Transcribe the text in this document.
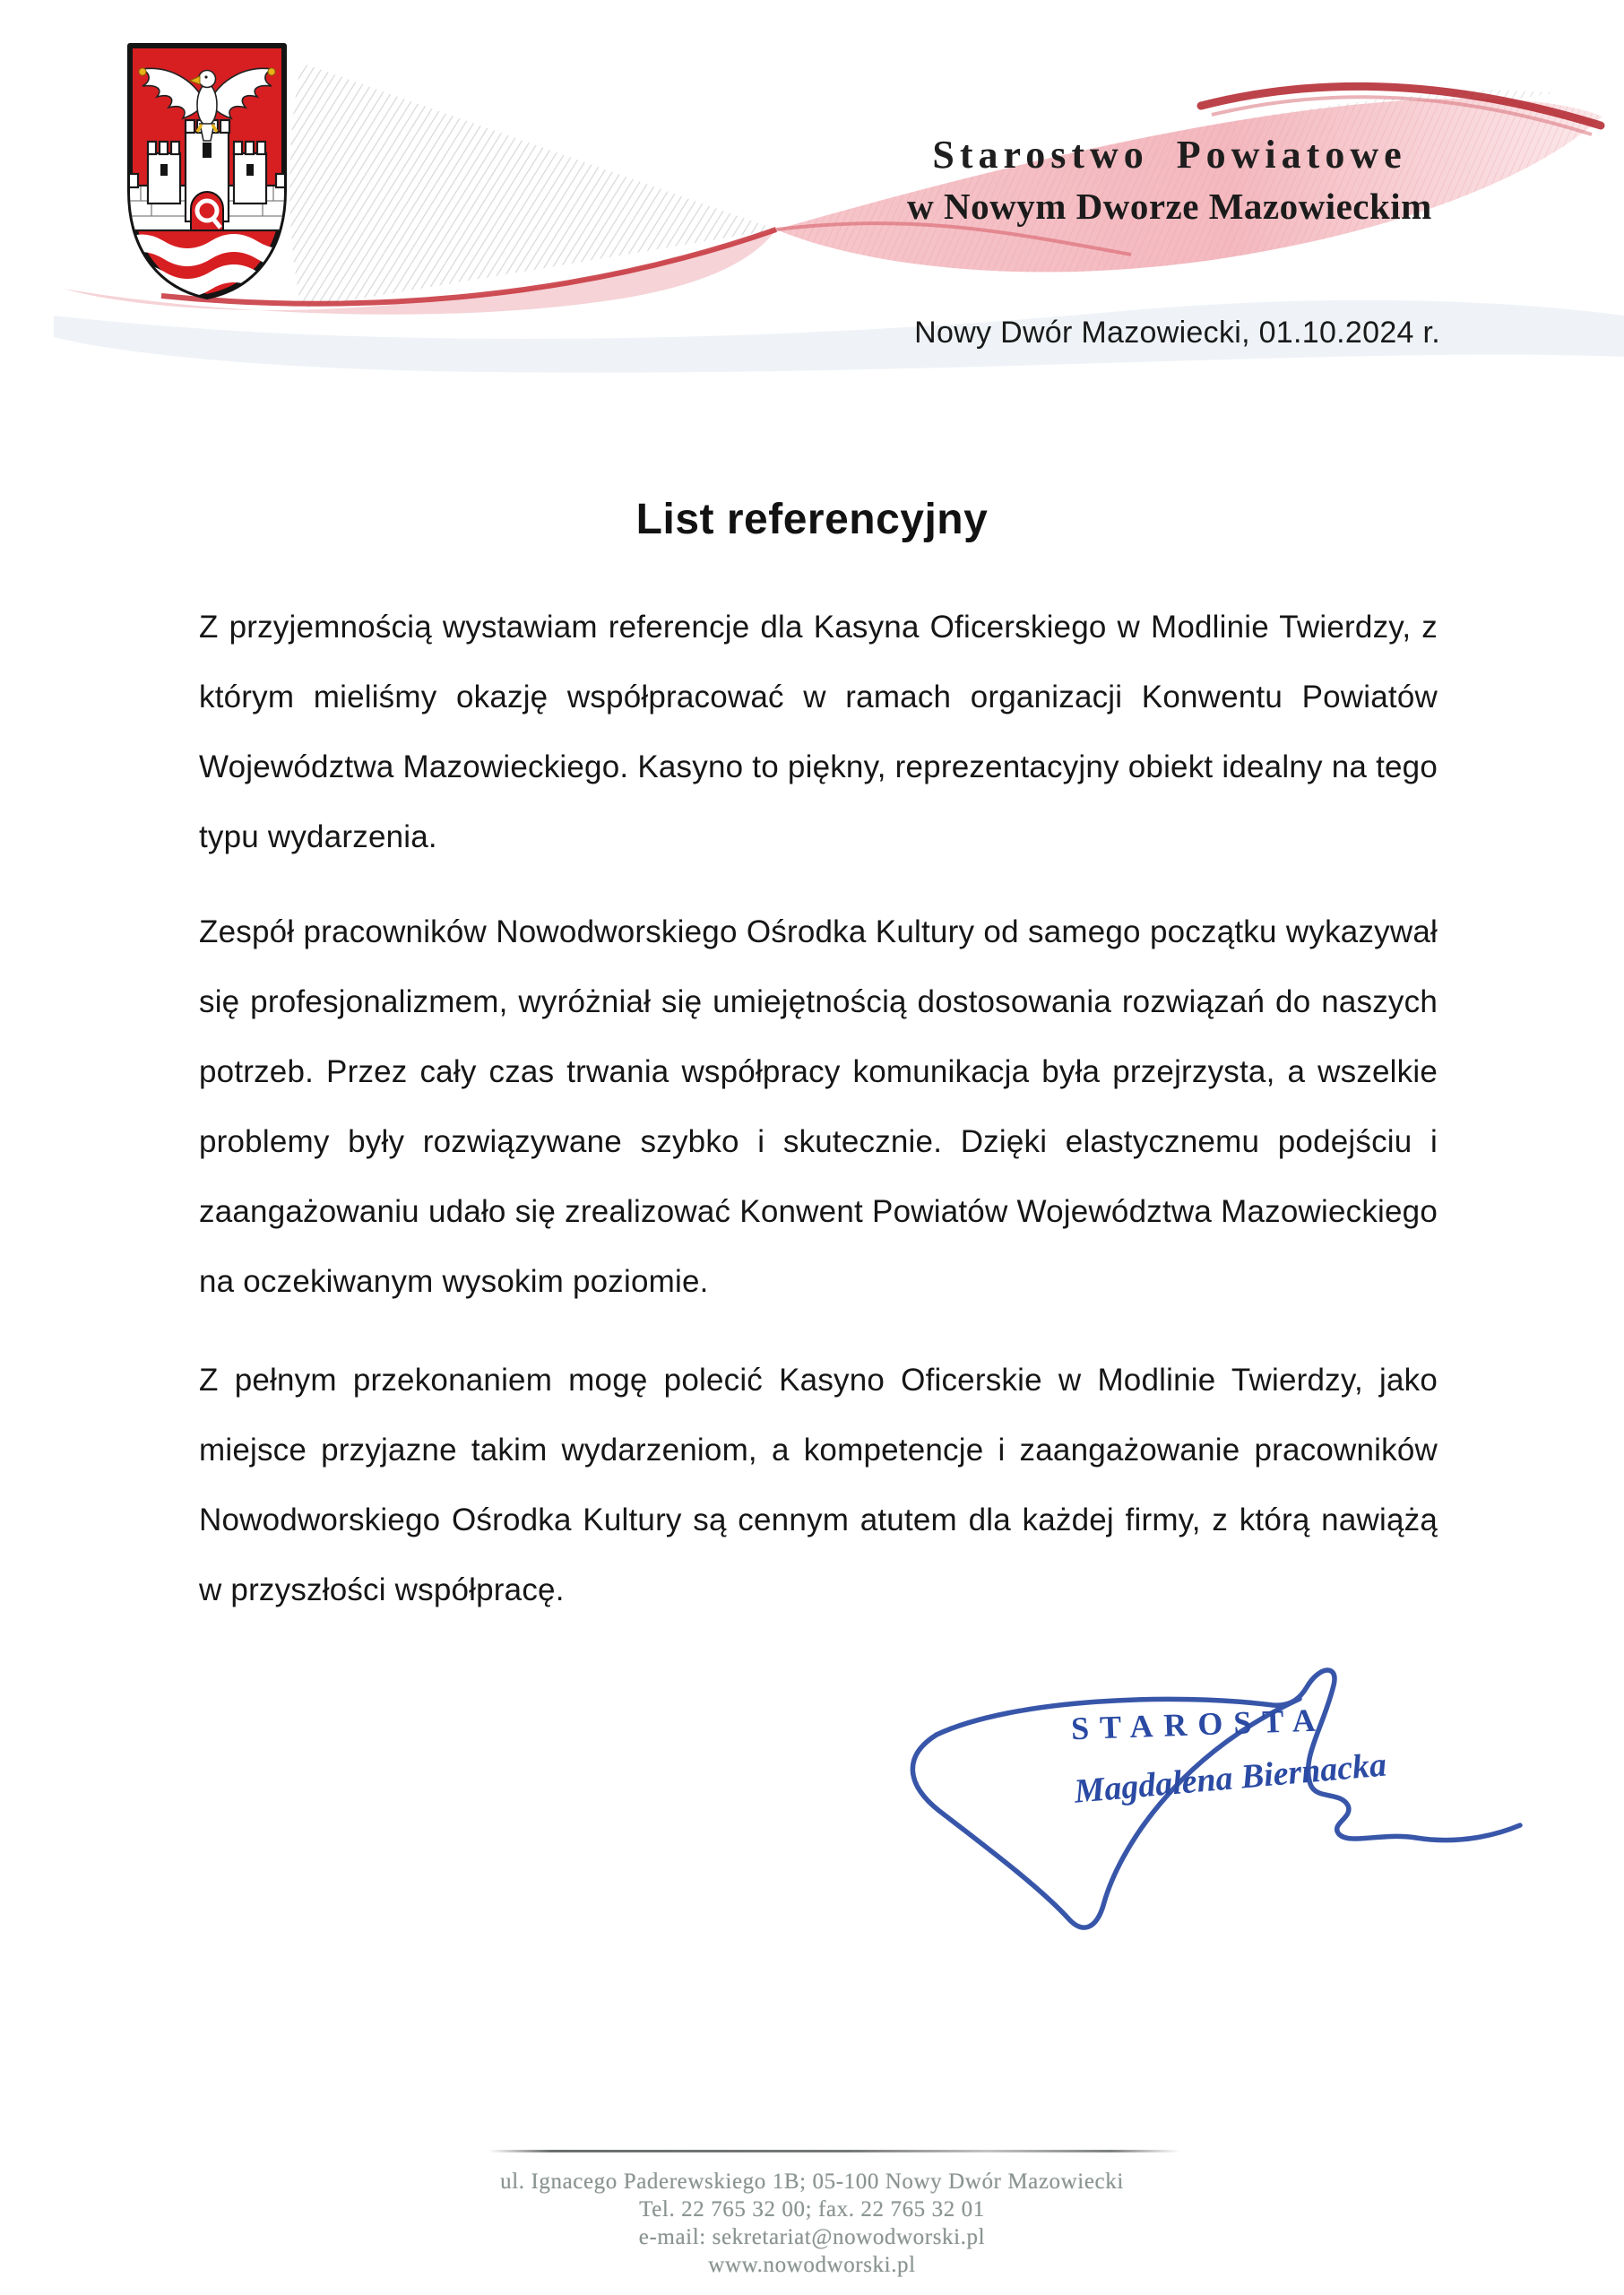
Starostwo Powiatowe
w Nowym Dworze Mazowieckim
Nowy Dwór Mazowiecki, 01.10.2024 r.
List referencyjny

Z przyjemnością wystawiam referencje dla Kasyna Oficerskiego w Modlinie Twierdzy, z którym mieliśmy okazję współpracować w ramach organizacji Konwentu Powiatów Województwa Mazowieckiego. Kasyno to piękny, reprezentacyjny obiekt idealny na tego typu wydarzenia.

Zespół pracowników Nowodworskiego Ośrodka Kultury od samego początku wykazywał się profesjonalizmem, wyróżniał się umiejętnością dostosowania rozwiązań do naszych potrzeb. Przez cały czas trwania współpracy komunikacja była przejrzysta, a wszelkie problemy były rozwiązywane szybko i skutecznie. Dzięki elastycznemu podejściu i zaangażowaniu udało się zrealizować Konwent Powiatów Województwa Mazowieckiego na oczekiwanym wysokim poziomie.

Z pełnym przekonaniem mogę polecić Kasyno Oficerskie w Modlinie Twierdzy, jako miejsce przyjazne takim wydarzeniom, a kompetencje i zaangażowanie pracowników Nowodworskiego Ośrodka Kultury są cennym atutem dla każdej firmy, z którą nawiążą w przyszłości współpracę.

STAROSTA
Magdalena Biernacka
ul. Ignacego Paderewskiego 1B; 05-100 Nowy Dwór Mazowiecki
Tel. 22 765 32 00; fax. 22 765 32 01
e-mail: sekretariat@nowodworski.pl
www.nowodworski.pl
